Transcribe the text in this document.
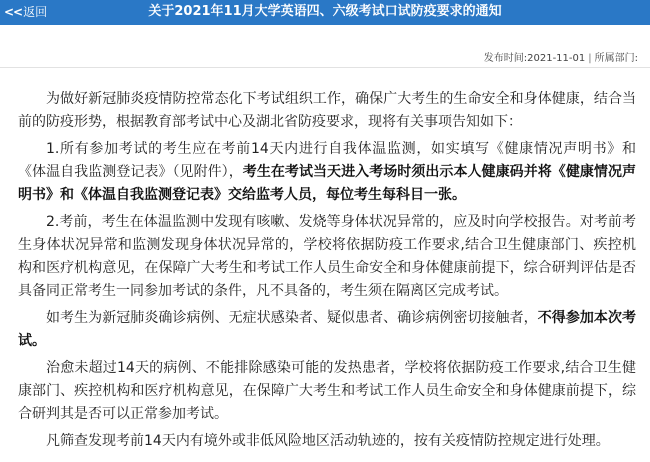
<<返回	关于2021年11月大学英语四、六级考试口试防疫要求的通知
发布时间:2021-11-01 | 所属部门:

为做好新冠肺炎疫情防控常态化下考试组织工作，确保广大考生的生命安全和身体健康，结合当前的防疫形势，根据教育部考试中心及湖北省防疫要求，现将有关事项告知如下：

1.所有参加考试的考生应在考前14天内进行自我体温监测，如实填写《健康情况声明书》和《体温自我监测登记表》（见附件），考生在考试当天进入考场时须出示本人健康码并将《健康情况声明书》和《体温自我监测登记表》交给监考人员，每位考生每科目一张。

2.考前，考生在体温监测中发现有咳嗽、发烧等身体状况异常的，应及时向学校报告。对考前考生身体状况异常和监测发现身体状况异常的，学校将依据防疫工作要求,结合卫生健康部门、疾控机构和医疗机构意见，在保障广大考生和考试工作人员生命安全和身体健康前提下，综合研判评估是否具备同正常考生一同参加考试的条件，凡不具备的，考生须在隔离区完成考试。

如考生为新冠肺炎确诊病例、无症状感染者、疑似患者、确诊病例密切接触者，不得参加本次考试。

治愈未超过14天的病例、不能排除感染可能的发热患者，学校将依据防疫工作要求,结合卫生健康部门、疾控机构和医疗机构意见，在保障广大考生和考试工作人员生命安全和身体健康前提下，综合研判其是否可以正常参加考试。

凡筛查发现考前14天内有境外或非低风险地区活动轨迹的，按有关疫情防控规定进行处理。
